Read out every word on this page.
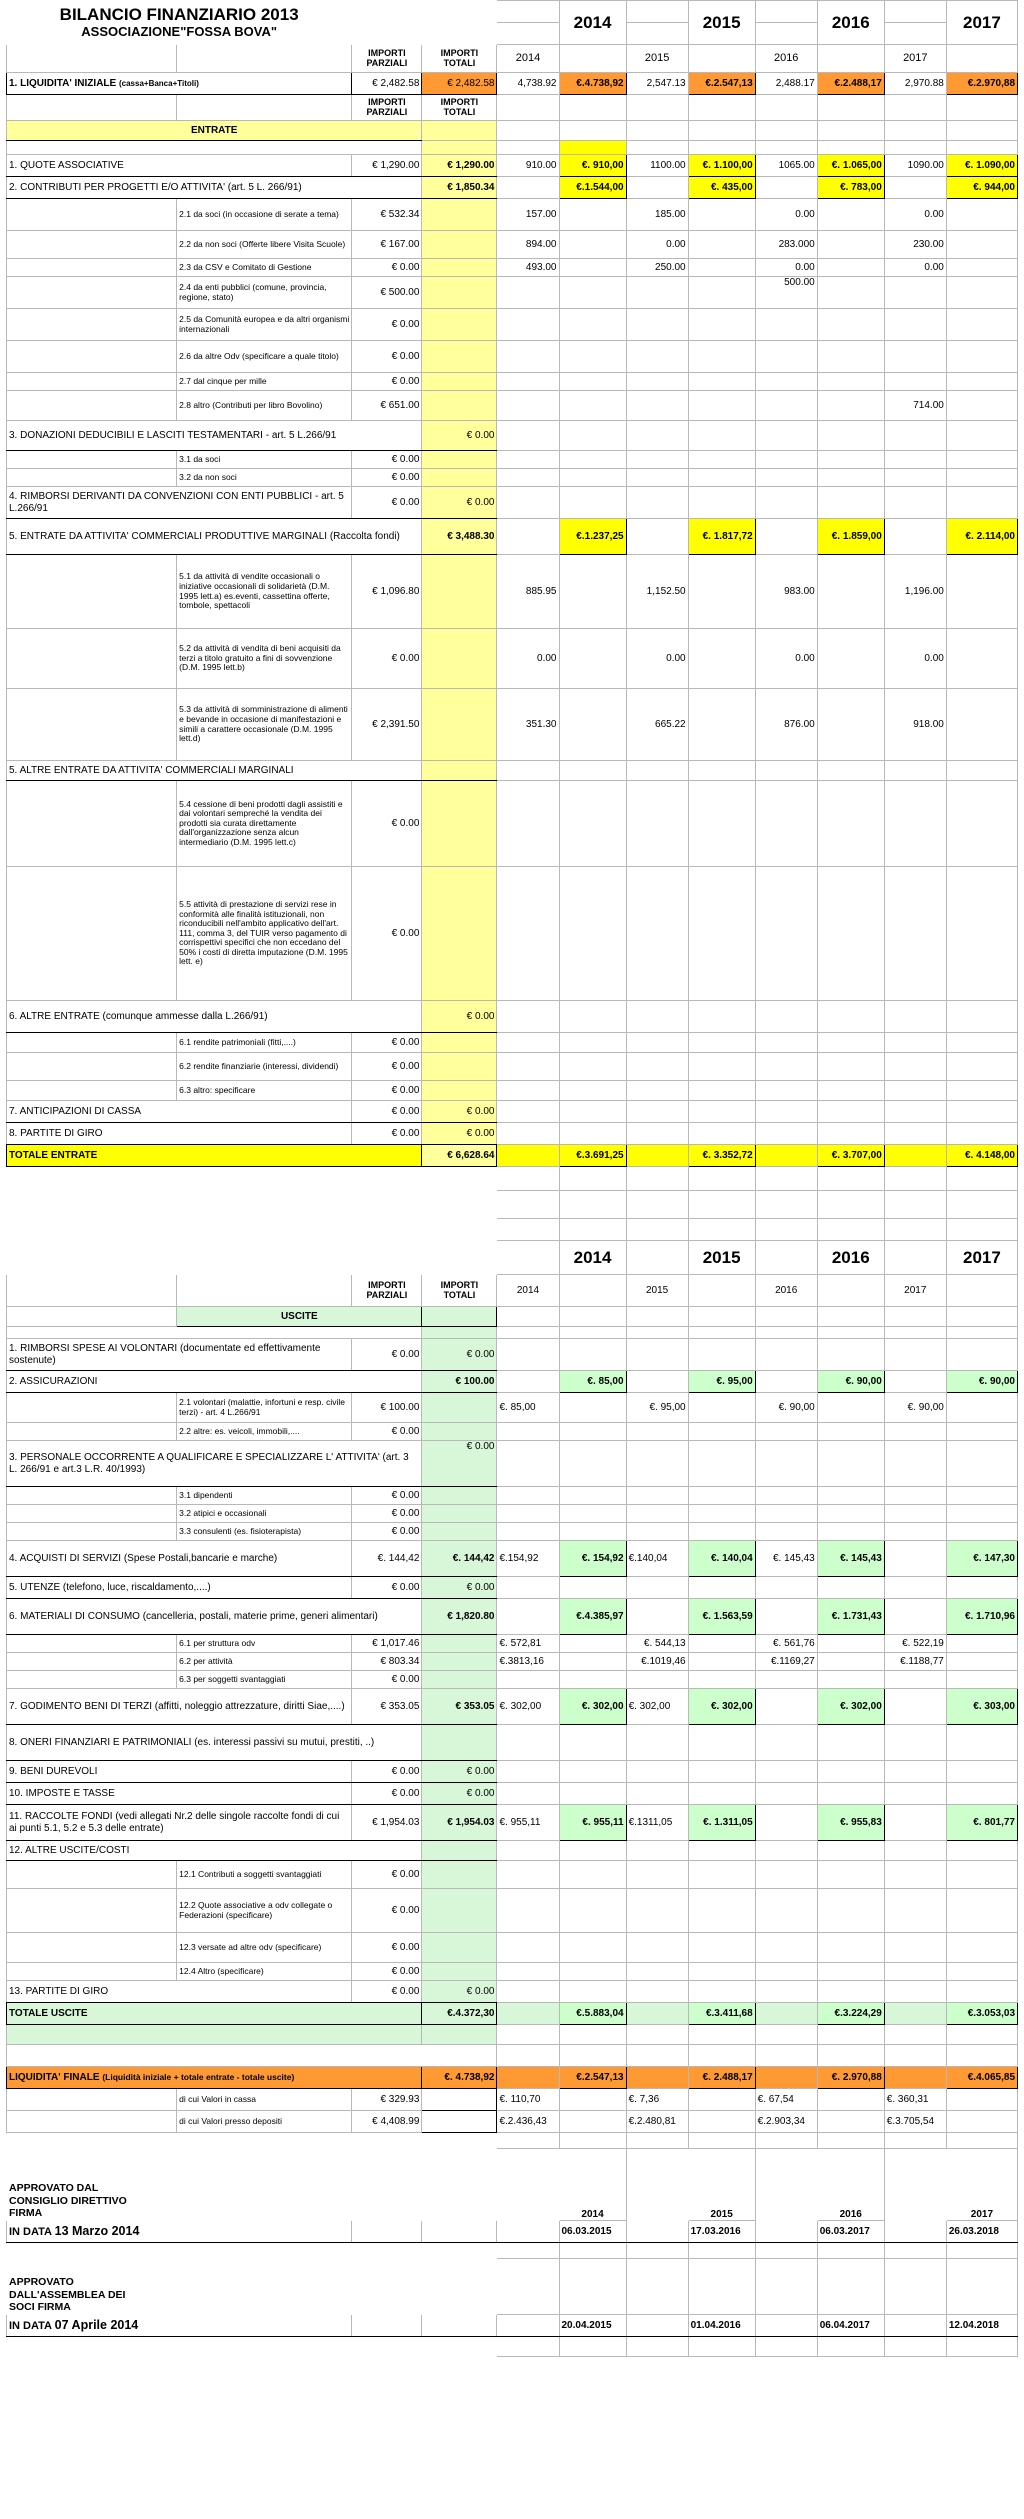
BILANCIO FINANZIARIO 2013
ASSOCIAZIONE"FOSSA BOVA"					2014		2015		2016		2017

		IMPORTI PARZIALI	IMPORTI TOTALI	2014		2015		2016		2017	
1. LIQUIDITA' INIZIALE (cassa+Banca+Titoli)		€ 2,482.58	€ 2,482.58	4,738.92	€.4.738,92	2,547.13	€.2.547,13	2,488.17	€.2.488,17	2,970.88	€.2.970,88
		IMPORTI PARZIALI	IMPORTI TOTALI								
ENTRATE											

1. QUOTE ASSOCIATIVE		€ 1,290.00	€ 1,290.00	910.00	€. 910,00	1100.00	€. 1.100,00	1065.00	€. 1.065,00	1090.00	€. 1.090,00
2. CONTRIBUTI PER PROGETTI E/O ATTIVITA' (art. 5 L. 266/91)			€ 1,850.34		€.1.544,00		€. 435,00		€. 783,00		€. 944,00
	2.1 da soci (in occasione di serate a tema)	€ 532.34		157.00		185.00		0.00		0.00	
	2.2 da non soci (Offerte libere Visita Scuole)	€ 167.00		894.00		0.00		283.000		230.00	
	2.3 da CSV e Comitato di Gestione	€ 0.00		493.00		250.00		0.00		0.00	
	2.4 da enti pubblici (comune, provincia, regione, stato)	€ 500.00						500.00			
	2.5 da Comunità europea e da altri organismi internazionali	€ 0.00									
	2.6 da altre Odv (specificare a quale titolo)	€ 0.00									
	2.7 dal cinque per mille	€ 0.00									
	2.8 altro (Contributi per libro Bovolino)	€ 651.00								714.00	
3. DONAZIONI DEDUCIBILI E LASCITI TESTAMENTARI - art. 5 L.266/91			€ 0.00								
	3.1 da soci	€ 0.00									
	3.2 da non soci	€ 0.00									
4. RIMBORSI DERIVANTI DA CONVENZIONI CON ENTI PUBBLICI - art. 5 L.266/91		€ 0.00	€ 0.00								
5. ENTRATE DA ATTIVITA' COMMERCIALI PRODUTTIVE MARGINALI (Raccolta fondi)			€ 3,488.30		€.1.237,25		€. 1.817,72		€. 1.859,00		€. 2.114,00
	5.1 da attività di vendite occasionali o iniziative occasionali di solidarietà (D.M. 1995 lett.a) es.eventi, cassettina offerte, tombole, spettacoli	€ 1,096.80		885.95		1,152.50		983.00		1,196.00	
	5.2 da attività di vendita di beni acquisiti da terzi a titolo gratuito a fini di sovvenzione (D.M. 1995 lett.b)	€ 0.00		0.00		0.00		0.00		0.00	
	5.3 da attività di somministrazione di alimenti e bevande in occasione di manifestazioni e simili a carattere occasionale (D.M. 1995 lett.d)	€ 2,391.50		351.30		665.22		876.00		918.00	
5. ALTRE ENTRATE DA ATTIVITA' COMMERCIALI MARGINALI											
	5.4 cessione di beni prodotti dagli assistiti e dai volontari sempreché la vendita dei prodotti sia curata direttamente dall'organizzazione senza alcun intermediario (D.M. 1995 lett.c)	€ 0.00									
	5.5 attività di prestazione di servizi rese in conformità alle finalità istituzionali, non riconducibili nell'ambito applicativo dell'art. 111, comma 3, del TUIR verso pagamento di corrispettivi specifici che non eccedano del 50% i costi di diretta imputazione (D.M. 1995 lett. e)	€ 0.00									
6. ALTRE ENTRATE (comunque ammesse dalla L.266/91)			€ 0.00								
	6.1 rendite patrimoniali (fitti,....)	€ 0.00									
	6.2 rendite finanziarie (interessi, dividendi)	€ 0.00									
	6.3 altro: specificare	€ 0.00									
7. ANTICIPAZIONI DI CASSA		€ 0.00	€ 0.00								
8. PARTITE DI GIRO		€ 0.00	€ 0.00								
TOTALE ENTRATE			€ 6,628.64		€.3.691,25		€. 3.352,72		€. 3.707,00		€. 4.148,00

					2014		2015		2016		2017
		IMPORTI PARZIALI	IMPORTI TOTALI	2014		2015		2016		2017	
	USCITE										

1. RIMBORSI SPESE AI VOLONTARI (documentate ed effettivamente sostenute)		€ 0.00	€ 0.00								
2. ASSICURAZIONI			€ 100.00		€. 85,00		€. 95,00		€. 90,00		€. 90,00
	2.1 volontari (malattie, infortuni e resp. civile terzi) - art. 4 L.266/91	€ 100.00		€. 85,00		€. 95,00		€. 90,00		€. 90,00	
	2.2 altre: es. veicoli, immobili,....	€ 0.00									
3. PERSONALE OCCORRENTE A QUALIFICARE E SPECIALIZZARE L' ATTIVITA' (art. 3 L. 266/91 e art.3 L.R. 40/1993)			€ 0.00								
	3.1 dipendenti	€ 0.00									
	3.2 atipici e occasionali	€ 0.00									
	3.3 consulenti (es. fisioterapista)	€ 0.00									
4. ACQUISTI DI SERVIZI (Spese Postali,bancarie e marche)		€. 144,42	€. 144,42	€.154,92	€. 154,92	€.140,04	€. 140,04	€. 145,43	€. 145,43		€. 147,30
5. UTENZE (telefono, luce, riscaldamento,....)		€ 0.00	€ 0.00								
6. MATERIALI DI CONSUMO (cancelleria, postali, materie prime, generi alimentari)			€ 1,820.80		€.4.385,97		€. 1.563,59		€. 1.731,43		€. 1.710,96
	6.1 per struttura odv	€ 1,017.46		€. 572,81		€. 544,13		€. 561,76		€. 522,19	
	6.2 per attività	€ 803.34		€.3813,16		€.1019,46		€.1169,27		€.1188,77	
	6.3 per soggetti svantaggiati	€ 0.00									
7. GODIMENTO BENI DI TERZI (affitti, noleggio attrezzature, diritti Siae,....)		€ 353.05	€ 353.05	€. 302,00	€. 302,00	€. 302,00	€. 302,00		€. 302,00		€. 303,00
8. ONERI FINANZIARI E PATRIMONIALI (es. interessi passivi su mutui, prestiti, ..)											
9. BENI DUREVOLI		€ 0.00	€ 0.00								
10. IMPOSTE E TASSE		€ 0.00	€ 0.00								
11. RACCOLTE FONDI (vedi allegati Nr.2 delle singole raccolte fondi di cui ai punti 5.1, 5.2 e 5.3 delle entrate)		€ 1,954.03	€ 1,954.03	€. 955,11	€. 955,11	€.1311,05	€. 1.311,05		€. 955,83		€. 801,77
12. ALTRE USCITE/COSTI											
	12.1 Contributi a soggetti svantaggiati	€ 0.00									
	12.2 Quote associative a odv collegate o Federazioni (specificare)	€ 0.00									
	12.3 versate ad altre odv (specificare)	€ 0.00									
	12.4 Altro (specificare)	€ 0.00									
13. PARTITE DI GIRO		€ 0.00	€ 0.00								
TOTALE USCITE			€.4.372,30		€.5.883,04		€.3.411,68		€.3.224,29		€.3.053,03

LIQUIDITA' FINALE (Liquidità iniziale + totale entrate - totale uscite)			€. 4.738,92		€.2.547,13		€. 2.488,17		€. 2.970,88		€.4.065,85
	di cui Valori in cassa	€ 329.93		€. 110,70		€. 7,36		€. 67,54		€. 360,31	
	di cui Valori presso depositi	€ 4,408.99		€.2.436,43		€.2.480,81		€.2.903,34		€.3.705,54	

APPROVATO DAL
CONSIGLIO DIRETTIVO
FIRMA					2014		2015		2016		2017
IN DATA 13 Marzo 2014					06.03.2015		17.03.2016		06.03.2017		26.03.2018

APPROVATO
DALL'ASSEMBLEA DEI
SOCI FIRMA											

IN DATA 07 Aprile 2014					20.04.2015		01.04.2016		06.04.2017		12.04.2018
